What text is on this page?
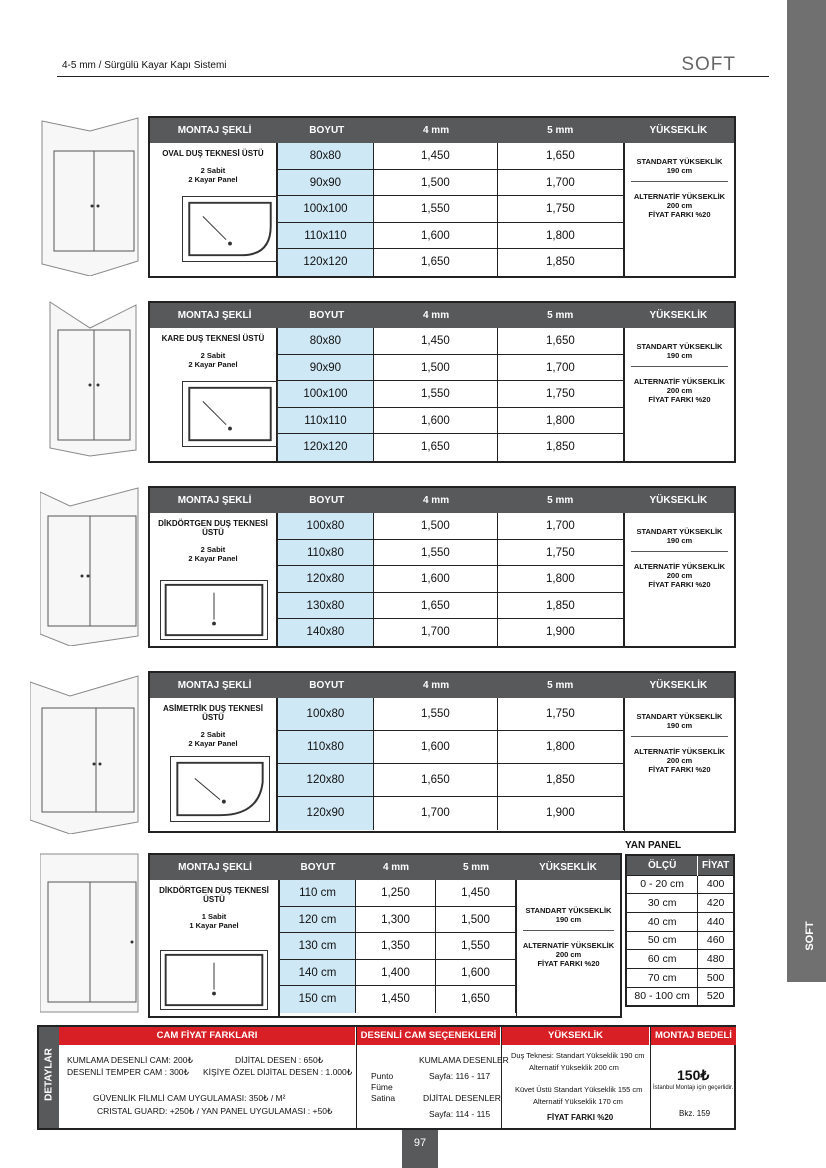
4-5 mm / Sürgülü Kayar Kapı Sistemi	SOFT
SOFT
MONTAJ ŞEKLİ	BOYUT	4 mm	5 mm	YÜKSEKLİK
OVAL DUŞ TEKNESİ ÜSTÜ
2 Sabit
2 Kayar Panel
80x80	1,450	1,650
90x90	1,500	1,700
100x100	1,550	1,750
110x110	1,600	1,800
120x120	1,650	1,850
STANDART YÜKSEKLİK
190 cm
ALTERNATİF YÜKSEKLİK
200 cm
FİYAT FARKI %20
MONTAJ ŞEKLİ	BOYUT	4 mm	5 mm	YÜKSEKLİK
KARE DUŞ TEKNESİ ÜSTÜ
2 Sabit
2 Kayar Panel
80x80	1,450	1,650
90x90	1,500	1,700
100x100	1,550	1,750
110x110	1,600	1,800
120x120	1,650	1,850
STANDART YÜKSEKLİK
190 cm
ALTERNATİF YÜKSEKLİK
200 cm
FİYAT FARKI %20
MONTAJ ŞEKLİ	BOYUT	4 mm	5 mm	YÜKSEKLİK
DİKDÖRTGEN DUŞ TEKNESİ ÜSTÜ
2 Sabit
2 Kayar Panel
100x80	1,500	1,700
110x80	1,550	1,750
120x80	1,600	1,800
130x80	1,650	1,850
140x80	1,700	1,900
STANDART YÜKSEKLİK
190 cm
ALTERNATİF YÜKSEKLİK
200 cm
FİYAT FARKI %20
MONTAJ ŞEKLİ	BOYUT	4 mm	5 mm	YÜKSEKLİK
ASİMETRİK DUŞ TEKNESİ ÜSTÜ
2 Sabit
2 Kayar Panel
100x80	1,550	1,750
110x80	1,600	1,800
120x80	1,650	1,850
120x90	1,700	1,900
STANDART YÜKSEKLİK
190 cm
ALTERNATİF YÜKSEKLİK
200 cm
FİYAT FARKI %20
MONTAJ ŞEKLİ	BOYUT	4 mm	5 mm	YÜKSEKLİK
DİKDÖRTGEN DUŞ TEKNESİ ÜSTÜ
1 Sabit
1 Kayar Panel
110 cm	1,250	1,450
120 cm	1,300	1,500
130 cm	1,350	1,550
140 cm	1,400	1,600
150 cm	1,450	1,650
STANDART YÜKSEKLİK
190 cm
ALTERNATİF YÜKSEKLİK
200 cm
FİYAT FARKI %20
YAN PANEL
ÖLÇÜ	FİYAT
0 - 20 cm	400
30 cm	420
40 cm	440
50 cm	460
60 cm	480
70 cm	500
80 - 100 cm	520
DETAYLAR
CAM FİYAT FARKLARI	DESENLİ CAM SEÇENEKLERİ	YÜKSEKLİK	MONTAJ BEDELİ
KUMLAMA DESENLİ CAM: 200₺
DESENLİ TEMPER CAM : 300₺
DİJİTAL DESEN : 650₺
KİŞİYE ÖZEL DİJİTAL DESEN : 1.000₺
GÜVENLİK FİLMLİ CAM UYGULAMASI: 350₺ / M²
CRISTAL GUARD: +250₺ / YAN PANEL UYGULAMASI : +50₺
Punto
Füme
Satina
KUMLAMA DESENLER
Sayfa: 116 - 117
DİJİTAL DESENLER
Sayfa: 114 - 115
Duş Teknesi: Standart Yükseklik 190 cm
Alternatif Yükseklik 200 cm
Küvet Üstü Standart Yükseklik 155 cm
Alternatif Yükseklik 170 cm
FİYAT FARKI %20
150₺
İstanbul Montajı için geçerlidir.
Bkz. 159
97
